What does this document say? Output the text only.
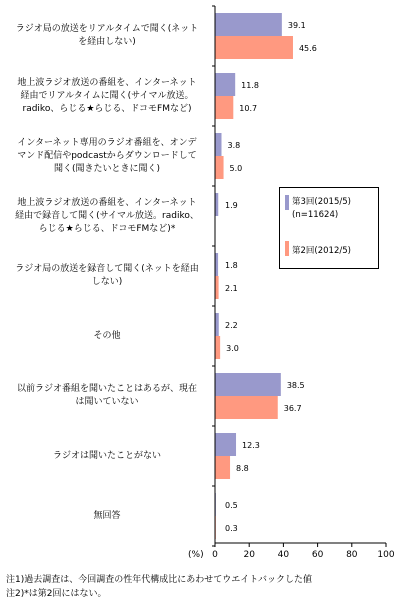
39.1
45.6
11.8
10.7
3.8
5.0
1.9
1.8
2.1
2.2
3.0
38.5
36.7
12.3
8.8
0.5
0.3
0	20	40	60	80 100
(%)
ラジオ局の放送をリアルタイムで聞く(ネット
を経由しない)
地上波ラジオ放送の番組を、インターネット
経由でリアルタイムに聞く(サイマル放送。
radiko、らじる★らじる、ドコモFMなど)
インターネット専用のラジオ番組を、オンデ
マンド配信やpodcastからダウンロードして
聞く(聞きたいときに聞く)
地上波ラジオ放送の番組を、インターネット
経由で録音して聞く(サイマル放送。radiko、
らじる★らじる、ドコモFMなど)*
ラジオ局の放送を録音して聞く(ネットを経由
しない)
その他
以前ラジオ番組を聞いたことはあるが、現在
は聞いていない
ラジオは聞いたことがない
無回答
第3回(2015/5)
(n=11624)
第2回(2012/5)
注1)過去調査は、今回調査の性年代構成比にあわせてウエイトバックした値
注2)*は第2回にはない。
